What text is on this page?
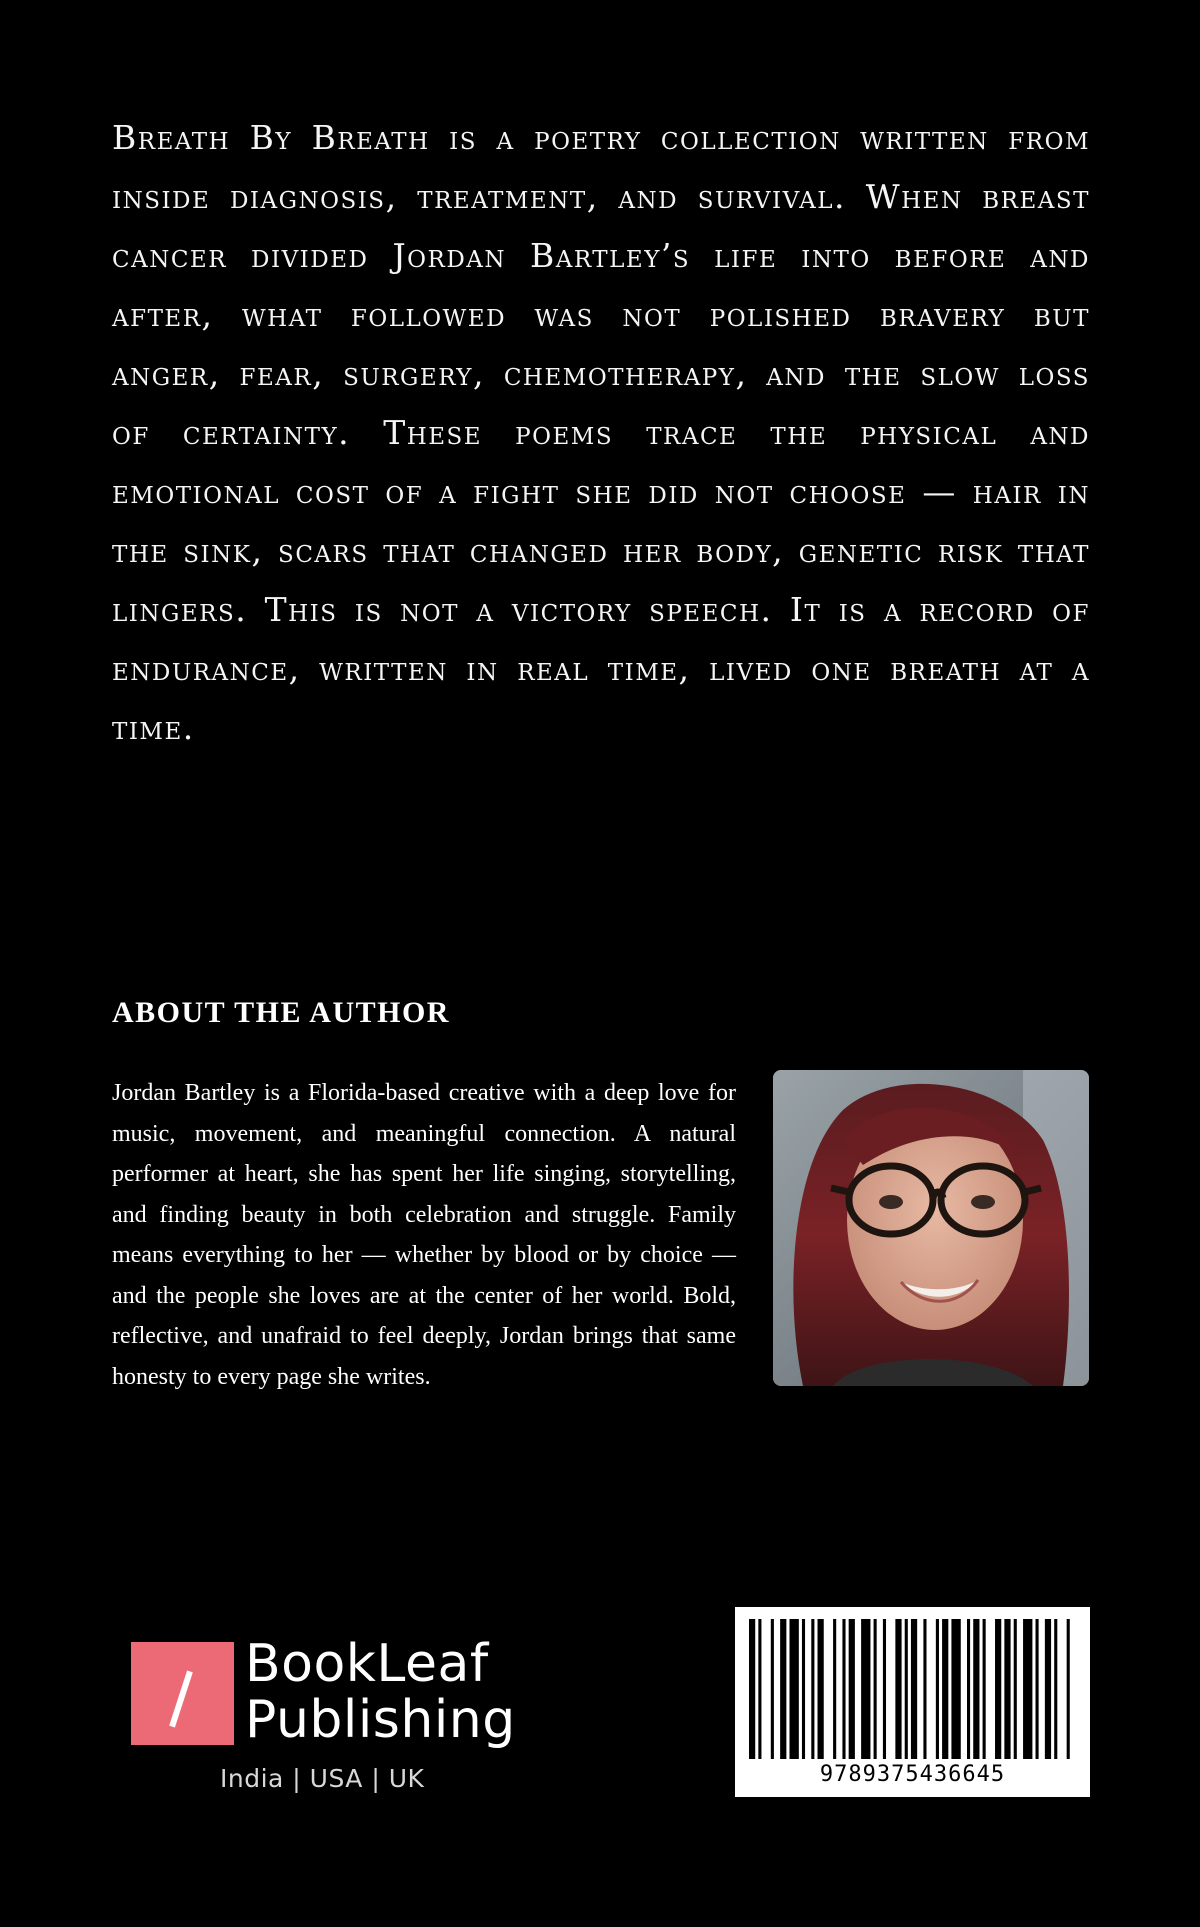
Breath By Breath is a poetry collection written from inside diagnosis, treatment, and survival. When breast cancer divided Jordan Bartley’s life into before and after, what followed was not polished bravery but anger, fear, surgery, chemotherapy, and the slow loss of certainty. These poems trace the physical and emotional cost of a fight she did not choose — hair in the sink, scars that changed her body, genetic risk that lingers. This is not a victory speech. It is a record of endurance, written in real time, lived one breath at a time.
ABOUT THE AUTHOR

Jordan Bartley is a Florida-based creative with a deep love for music, movement, and meaningful connection. A natural performer at heart, she has spent her life singing, storytelling, and finding beauty in both celebration and struggle. Family means everything to her — whether by blood or by choice — and the people she loves are at the center of her world. Bold, reflective, and unafraid to feel deeply, Jordan brings that same honesty to every page she writes.

BookLeaf
Publishing
India | USA | UK	9789375436645
